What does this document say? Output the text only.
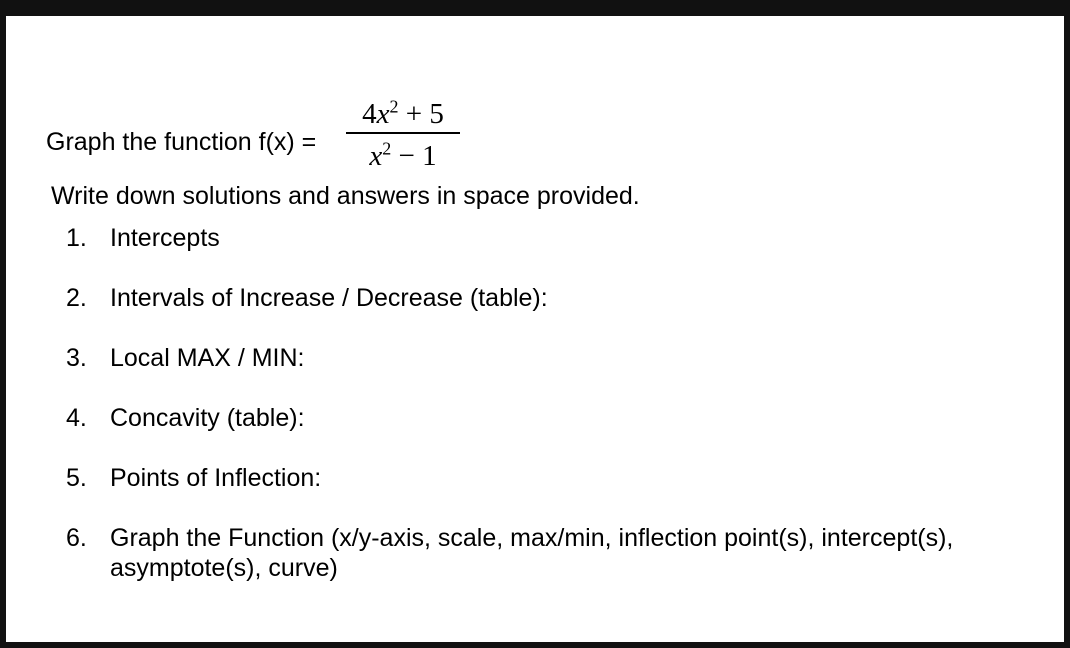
Graph the function f(x) =
$4x^2 + 5$
$x^2 - 1$
Write down solutions and answers in space provided.
1. Intercepts
2. Intervals of Increase / Decrease (table):
3. Local MAX / MIN:
4. Concavity (table):
5. Points of Inflection:
6. Graph the Function (x/y-axis, scale, max/min, inflection point(s), intercept(s), asymptote(s), curve)
